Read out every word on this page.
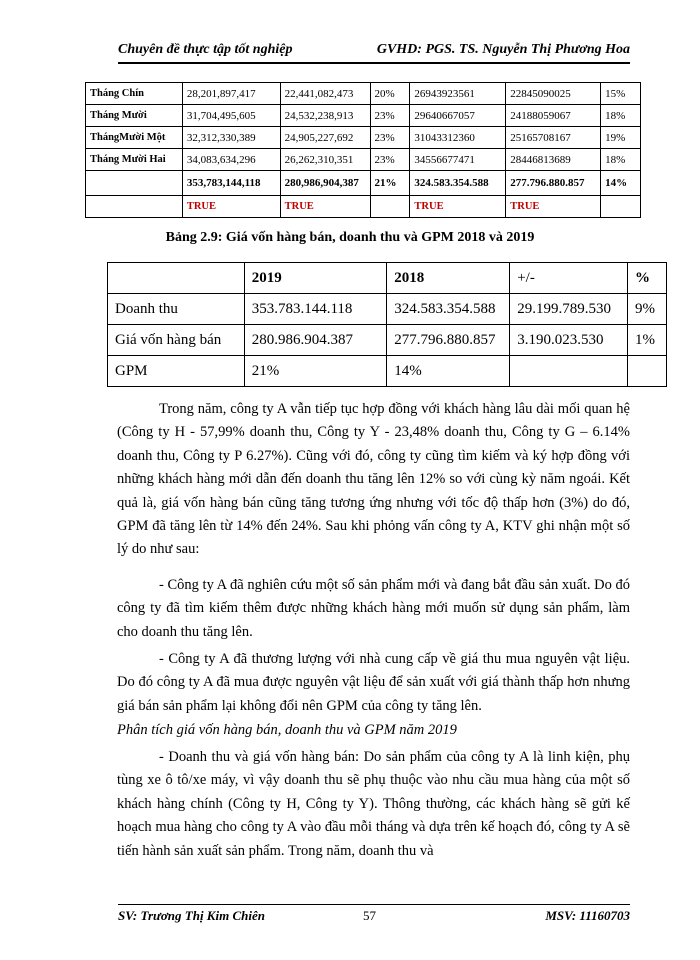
Chuyên đề thực tập tốt nghiệp	GVHD: PGS. TS. Nguyễn Thị Phương Hoa
Tháng Chín	28,201,897,417	22,441,082,473	20%	26943923561	22845090025	15%
Tháng Mười	31,704,495,605	24,532,238,913	23%	29640667057	24188059067	18%
ThángMười Một	32,312,330,389	24,905,227,692	23%	31043312360	25165708167	19%
Tháng Mười Hai	34,083,634,296	26,262,310,351	23%	34556677471	28446813689	18%
	353,783,144,118	280,986,904,387	21%	324.583.354.588	277.796.880.857	14%
	TRUE	TRUE		TRUE	TRUE	
Bảng 2.9: Giá vốn hàng bán, doanh thu và GPM 2018 và 2019
	2019	2018	+/-	%
Doanh thu	353.783.144.118	324.583.354.588	29.199.789.530	9%
Giá vốn hàng bán	280.986.904.387	277.796.880.857	3.190.023.530	1%
GPM	21%	14%		

Trong năm, công ty A vẫn tiếp tục hợp đồng với khách hàng lâu dài mối quan hệ (Công ty H - 57,99% doanh thu, Công ty Y - 23,48% doanh thu, Công ty G – 6.14% doanh thu, Công ty P 6.27%). Cũng với đó, công ty cũng tìm kiếm và ký hợp đồng với những khách hàng mới dẫn đến doanh thu tăng lên 12% so với cùng kỳ năm ngoái. Kết quả là, giá vốn hàng bán cũng tăng tương ứng nhưng với tốc độ thấp hơn (3%) do đó, GPM đã tăng lên từ 14% đến 24%. Sau khi phỏng vấn công ty A, KTV ghi nhận một số lý do như sau:

- Công ty A đã nghiên cứu một số sản phẩm mới và đang bắt đầu sản xuất. Do đó công ty đã tìm kiếm thêm được những khách hàng mới muốn sử dụng sản phẩm, làm cho doanh thu tăng lên.

- Công ty A đã thương lượng với nhà cung cấp về giá thu mua nguyên vật liệu. Do đó công ty A đã mua được nguyên vật liệu để sản xuất với giá thành thấp hơn nhưng giá bán sản phẩm lại không đổi nên GPM của công ty tăng lên.

Phân tích giá vốn hàng bán, doanh thu và GPM năm 2019

- Doanh thu và giá vốn hàng bán: Do sản phẩm của công ty A là linh kiện, phụ tùng xe ô tô/xe máy, vì vậy doanh thu sẽ phụ thuộc vào nhu cầu mua hàng của một số khách hàng chính (Công ty H, Công ty Y). Thông thường, các khách hàng sẽ gửi kế hoạch mua hàng cho công ty A vào đầu mỗi tháng và dựa trên kế hoạch đó, công ty A sẽ tiến hành sản xuất sản phẩm. Trong năm, doanh thu và

SV: Trương Thị Kim Chiên	57	MSV: 11160703
